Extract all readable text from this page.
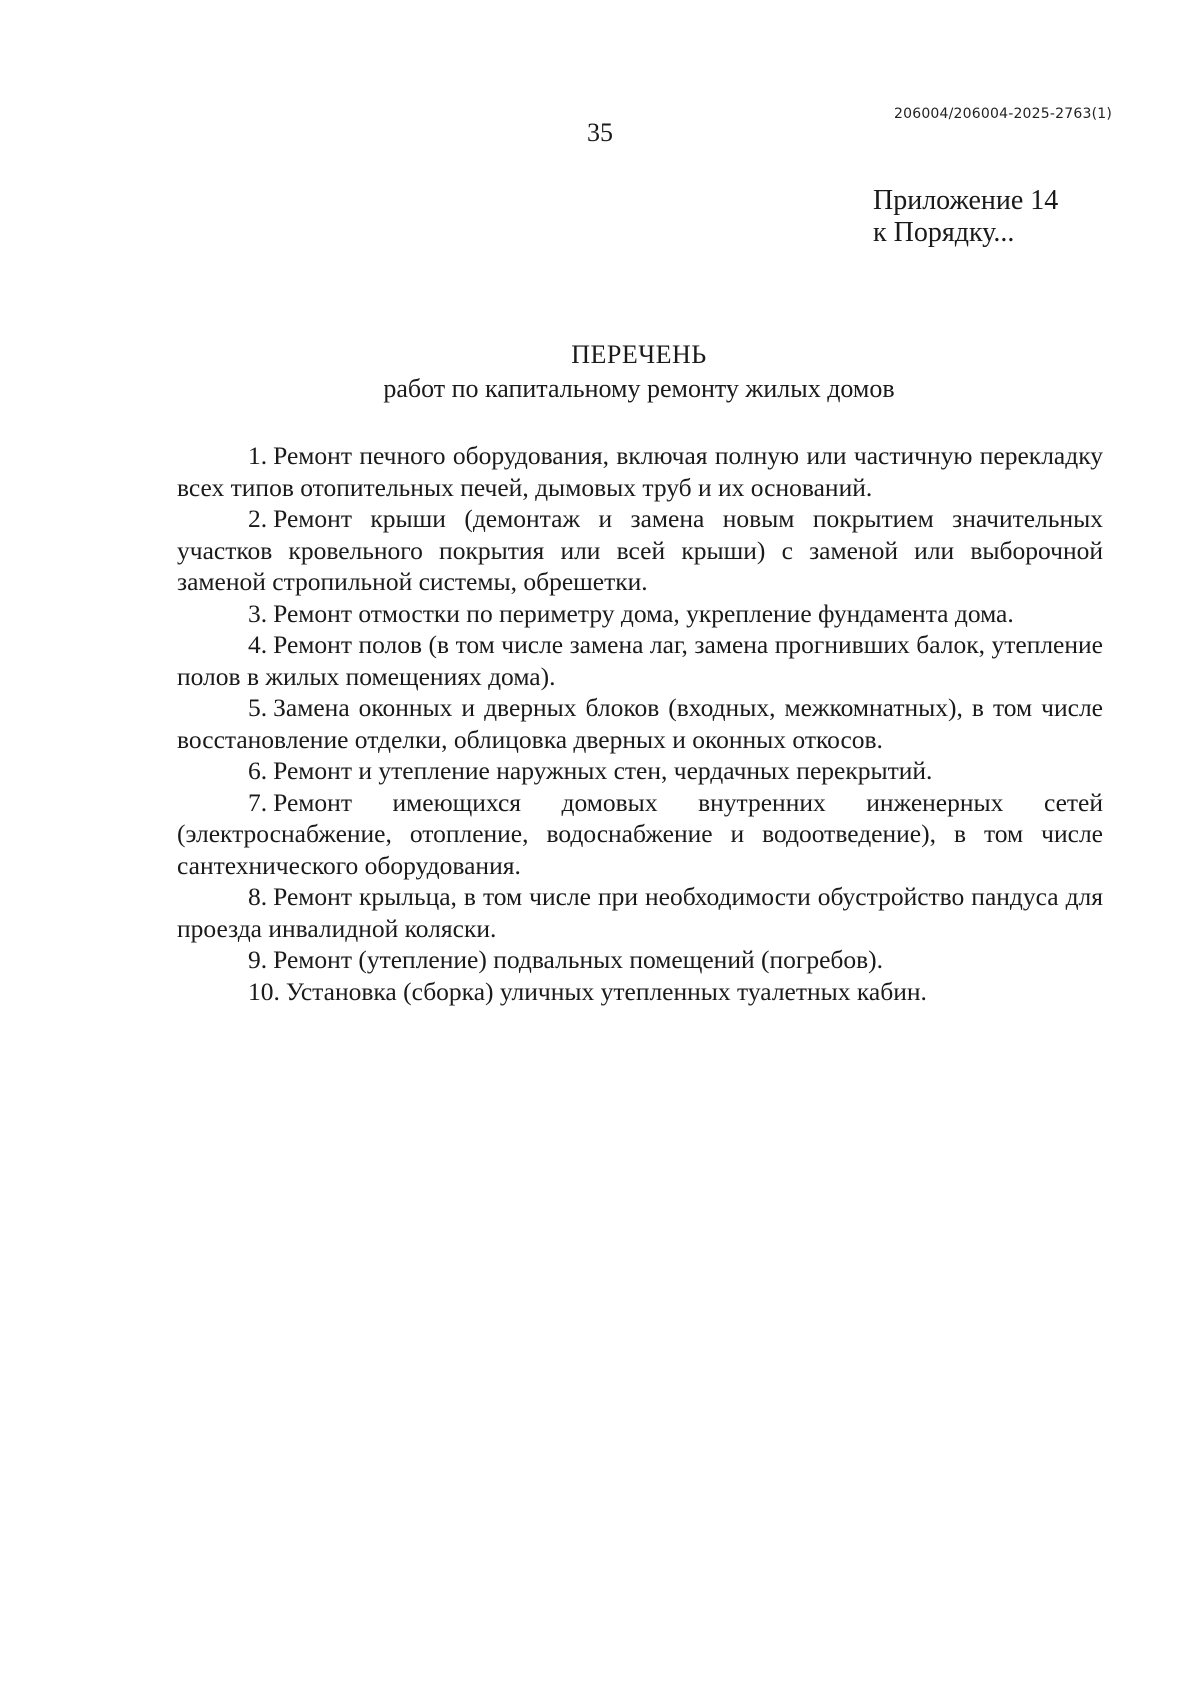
206004/206004-2025-2763(1)
35
Приложение 14
к Порядку...
ПЕРЕЧЕНЬ
работ по капитальному ремонту жилых домов

1. Ремонт печного оборудования, включая полную или частичную перекладку всех типов отопительных печей, дымовых труб и их оснований.

2. Ремонт крыши (демонтаж и замена новым покрытием значительных участков кровельного покрытия или всей крыши) с заменой или выборочной заменой стропильной системы, обрешетки.

3. Ремонт отмостки по периметру дома, укрепление фундамента дома.

4. Ремонт полов (в том числе замена лаг, замена прогнивших балок, утепление полов в жилых помещениях дома).

5. Замена оконных и дверных блоков (входных, межкомнатных), в том числе восстановление отделки, облицовка дверных и оконных откосов.

6. Ремонт и утепление наружных стен, чердачных перекрытий.

7. Ремонт имеющихся домовых внутренних инженерных сетей (электроснабжение, отопление, водоснабжение и водоотведение), в том числе сантехнического оборудования.

8. Ремонт крыльца, в том числе при необходимости обустройство пандуса для проезда инвалидной коляски.

9. Ремонт (утепление) подвальных помещений (погребов).

10. Установка (сборка) уличных утепленных туалетных кабин.
